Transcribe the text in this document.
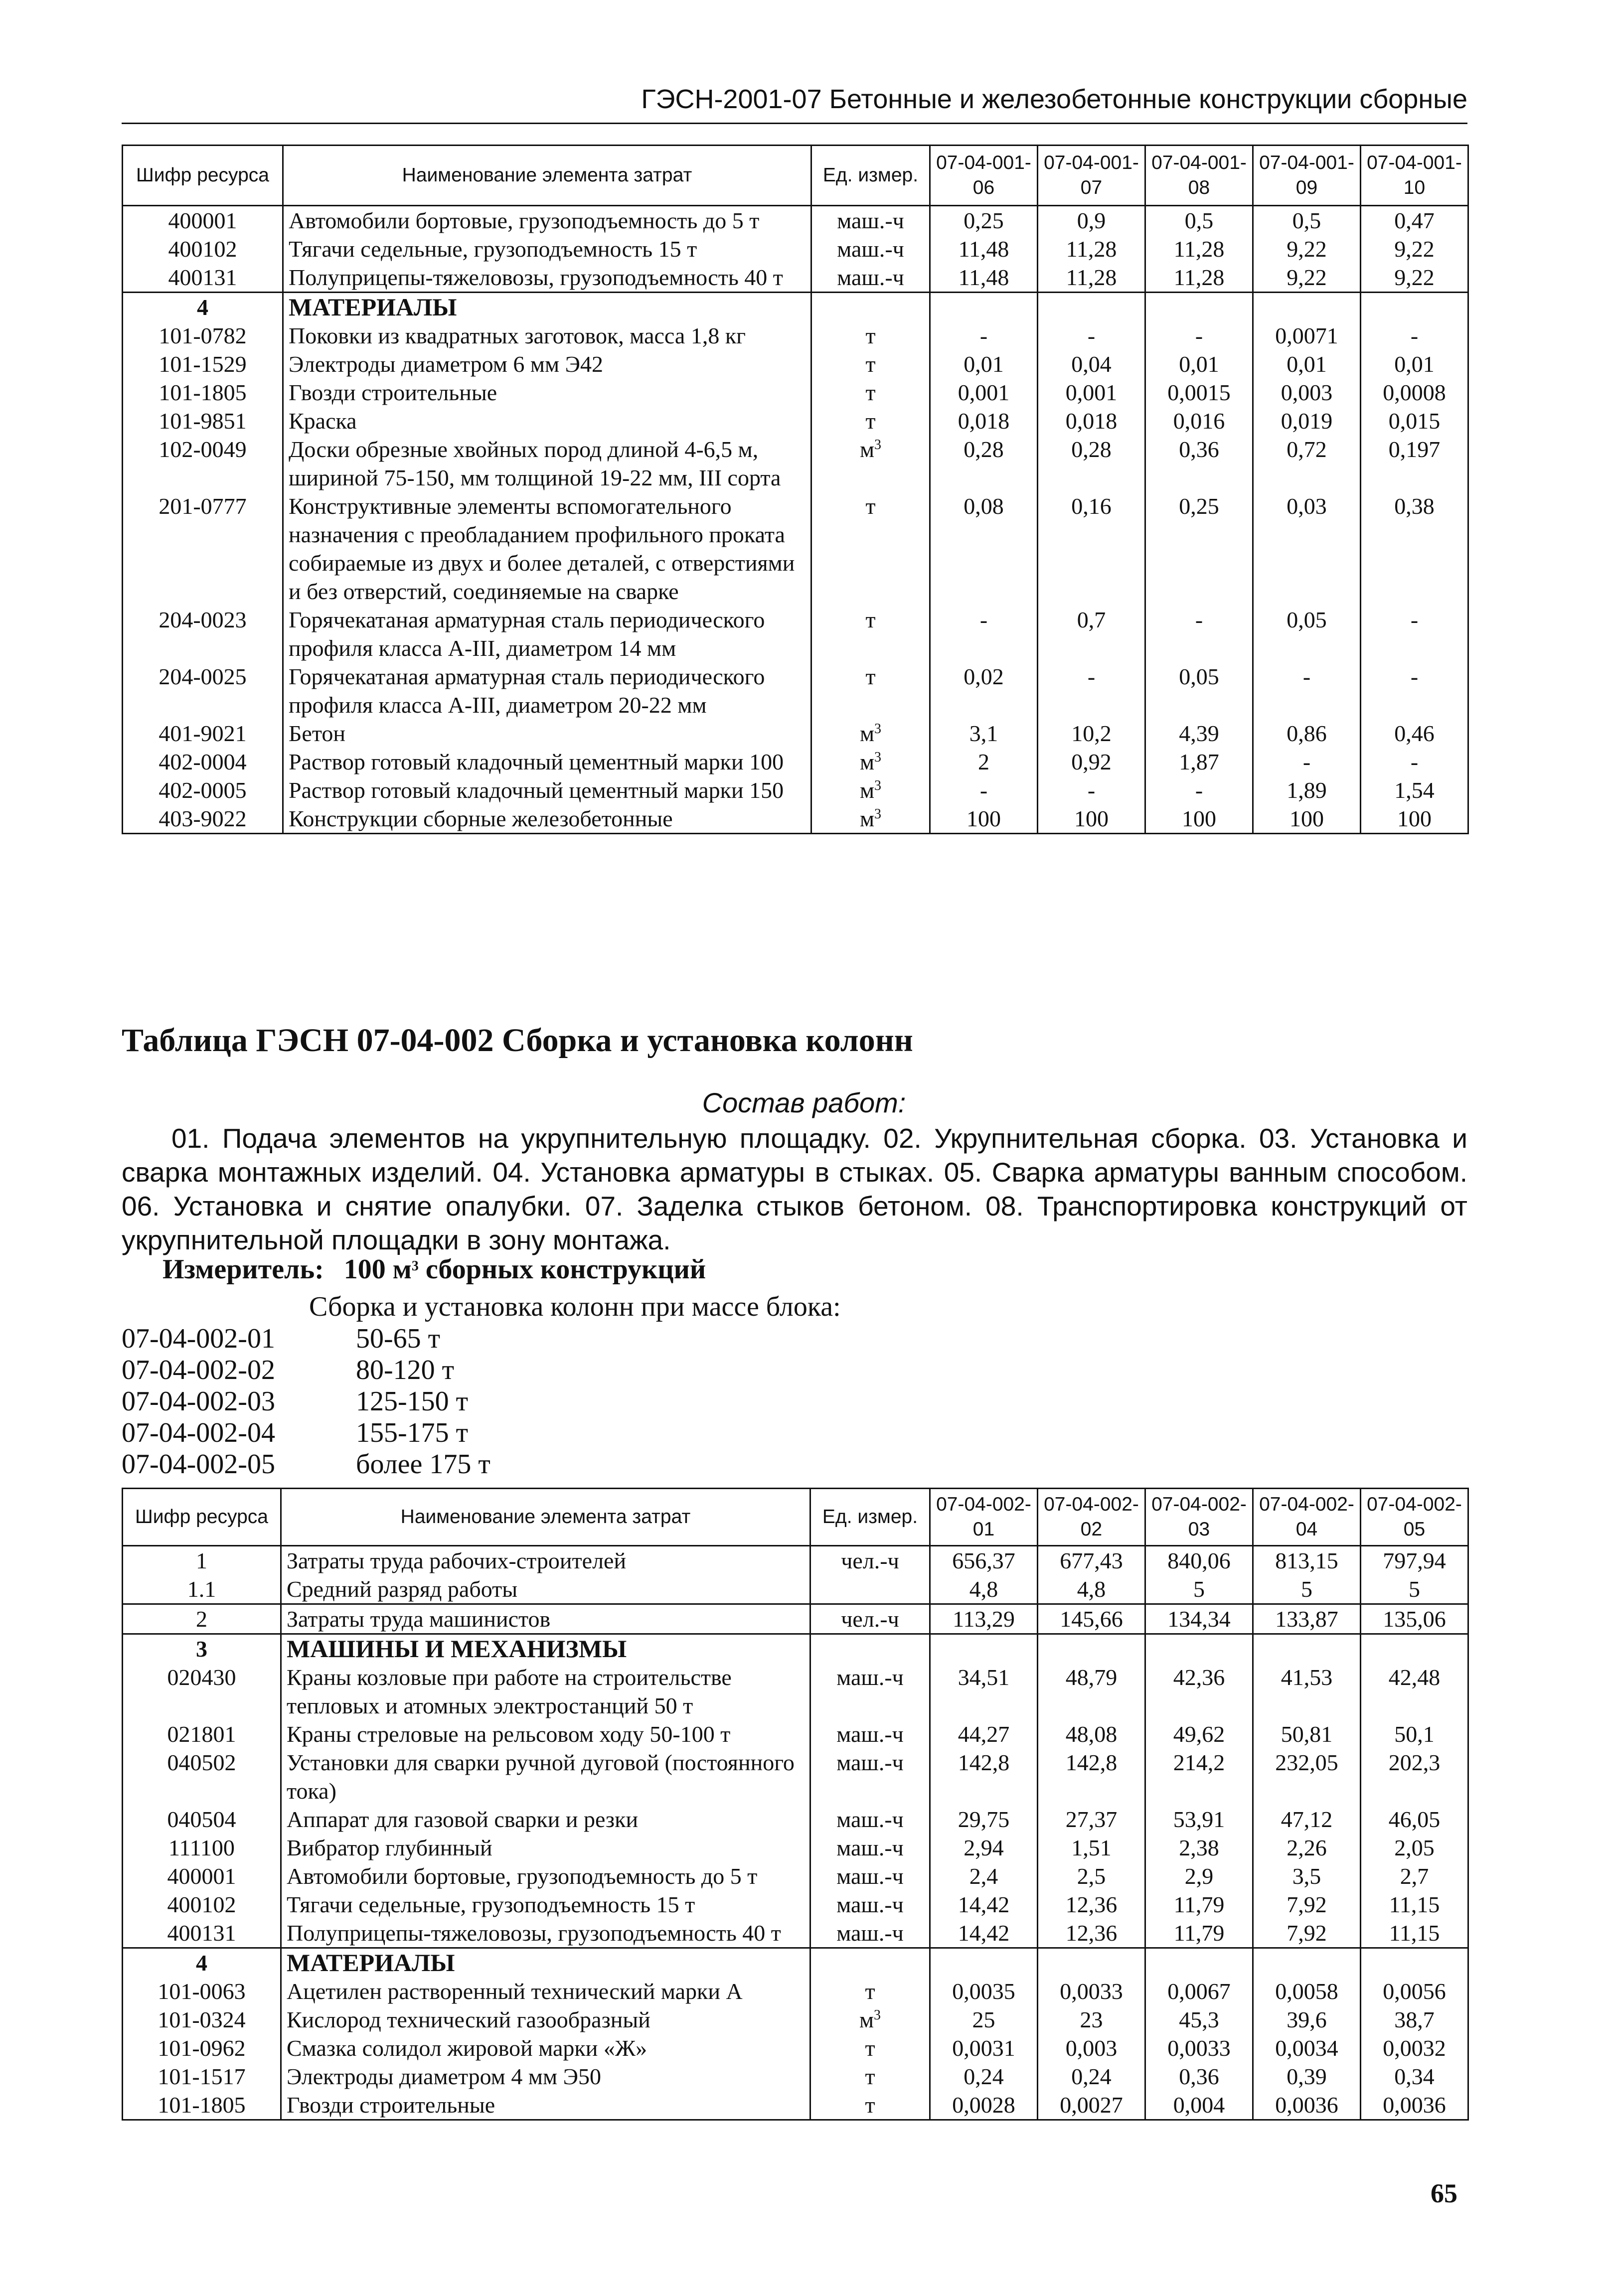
ГЭСН-2001-07 Бетонные и железобетонные конструкции сборные
Шифр ресурса	Наименование элемента затрат	Ед. измер.	07-04-001-06	07-04-001-07	07-04-001-08	07-04-001-09	07-04-001-10
400001	Автомобили бортовые, грузоподъемность до 5 т	маш.-ч	0,25	0,9	0,5	0,5	0,47
400102	Тягачи седельные, грузоподъемность 15 т	маш.-ч	11,48	11,28	11,28	9,22	9,22
400131	Полуприцепы-тяжеловозы, грузоподъемность 40 т	маш.-ч	11,48	11,28	11,28	9,22	9,22
4	МАТЕРИАЛЫ						
101-0782	Поковки из квадратных заготовок, масса 1,8 кг	т	-	-	-	0,0071	-
101-1529	Электроды диаметром 6 мм Э42	т	0,01	0,04	0,01	0,01	0,01
101-1805	Гвозди строительные	т	0,001	0,001	0,0015	0,003	0,0008
101-9851	Краска	т	0,018	0,018	0,016	0,019	0,015
102-0049	Доски обрезные хвойных пород длиной 4-6,5 м, шириной 75-150, мм толщиной 19-22 мм, III сорта	$м^3$	0,28	0,28	0,36	0,72	0,197
201-0777	Конструктивные элементы вспомогательного назначения с преобладанием профильного проката собираемые из двух и более деталей, с отверстиями и без отверстий, соединяемые на сварке	т	0,08	0,16	0,25	0,03	0,38
204-0023	Горячекатаная арматурная сталь периодического профиля класса A-III, диаметром 14 мм	т	-	0,7	-	0,05	-
204-0025	Горячекатаная арматурная сталь периодического профиля класса A-III, диаметром 20-22 мм	т	0,02	-	0,05	-	-
401-9021	Бетон	$м^3$	3,1	10,2	4,39	0,86	0,46
402-0004	Раствор готовый кладочный цементный марки 100	$м^3$	2	0,92	1,87	-	-
402-0005	Раствор готовый кладочный цементный марки 150	$м^3$	-	-	-	1,89	1,54
403-9022	Конструкции сборные железобетонные	$м^3$	100	100	100	100	100
Таблица ГЭСН 07-04-002 Сборка и установка колонн
Состав работ:
01. Подача элементов на укрупнительную площадку. 02. Укрупнительная сборка. 03. Установка и сварка монтажных изделий. 04. Установка арматуры в стыках. 05. Сварка арматуры ванным способом. 06. Установка и снятие опалубки. 07. Заделка стыков бетоном. 08. Транспортировка конструкций от укрупнительной площадки в зону монтажа.
Измеритель: 100 $м^3$ сборных конструкций
Сборка и установка колонн при массе блока:
07-04-002-01	50-65 т
07-04-002-02	80-120 т
07-04-002-03	125-150 т
07-04-002-04	155-175 т
07-04-002-05	более 175 т
Шифр ресурса	Наименование элемента затрат	Ед. измер.	07-04-002-01	07-04-002-02	07-04-002-03	07-04-002-04	07-04-002-05
1	Затраты труда рабочих-строителей	чел.-ч	656,37	677,43	840,06	813,15	797,94
1.1	Средний разряд работы		4,8	4,8	5	5	5
2	Затраты труда машинистов	чел.-ч	113,29	145,66	134,34	133,87	135,06
3	МАШИНЫ И МЕХАНИЗМЫ						
020430	Краны козловые при работе на строительстве тепловых и атомных электростанций 50 т	маш.-ч	34,51	48,79	42,36	41,53	42,48
021801	Краны стреловые на рельсовом ходу 50-100 т	маш.-ч	44,27	48,08	49,62	50,81	50,1
040502	Установки для сварки ручной дуговой (постоянного тока)	маш.-ч	142,8	142,8	214,2	232,05	202,3
040504	Аппарат для газовой сварки и резки	маш.-ч	29,75	27,37	53,91	47,12	46,05
111100	Вибратор глубинный	маш.-ч	2,94	1,51	2,38	2,26	2,05
400001	Автомобили бортовые, грузоподъемность до 5 т	маш.-ч	2,4	2,5	2,9	3,5	2,7
400102	Тягачи седельные, грузоподъемность 15 т	маш.-ч	14,42	12,36	11,79	7,92	11,15
400131	Полуприцепы-тяжеловозы, грузоподъемность 40 т	маш.-ч	14,42	12,36	11,79	7,92	11,15
4	МАТЕРИАЛЫ						
101-0063	Ацетилен растворенный технический марки А	т	0,0035	0,0033	0,0067	0,0058	0,0056
101-0324	Кислород технический газообразный	$м^3$	25	23	45,3	39,6	38,7
101-0962	Смазка солидол жировой марки «Ж»	т	0,0031	0,003	0,0033	0,0034	0,0032
101-1517	Электроды диаметром 4 мм Э50	т	0,24	0,24	0,36	0,39	0,34
101-1805	Гвозди строительные	т	0,0028	0,0027	0,004	0,0036	0,0036
65
